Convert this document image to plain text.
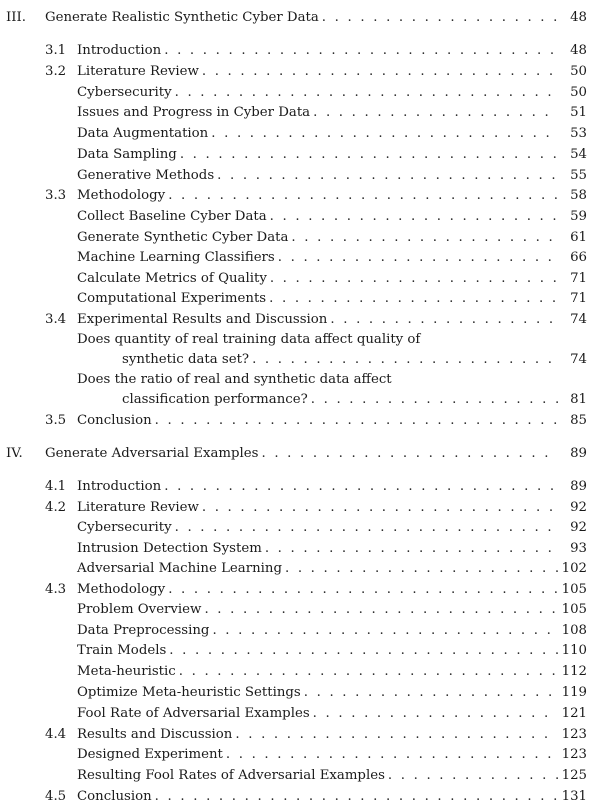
III. Generate Realistic Synthetic Cyber Data . . .	48
3.1 Introduction . . .	48
3.2 Literature Review . . .	50
Cybersecurity . . .	50
Issues and Progress in Cyber Data . . .	51
Data Augmentation . . .	53
Data Sampling . . .	54
Generative Methods . . .	55
3.3 Methodology . . .	58
Collect Baseline Cyber Data . . .	59
Generate Synthetic Cyber Data . . .	61
Machine Learning Classifiers . . .	66
Calculate Metrics of Quality . . .	71
Computational Experiments . . .	71
3.4 Experimental Results and Discussion . . .	74
Does quantity of real training data affect quality of
synthetic data set? . . .	74
Does the ratio of real and synthetic data affect
classification performance? . . .	81
3.5 Conclusion . . .	85
IV. Generate Adversarial Examples . . .	89
4.1 Introduction . . .	89
4.2 Literature Review . . .	92
Cybersecurity . . .	92
Intrusion Detection System . . .	93
Adversarial Machine Learning . . .	102
4.3 Methodology . . .	105
Problem Overview . . .	105
Data Preprocessing . . .	108
Train Models . . .	110
Meta-heuristic . . .	112
Optimize Meta-heuristic Settings . . .	119
Fool Rate of Adversarial Examples . . .	121
4.4 Results and Discussion . . .	123
Designed Experiment . . .	123
Resulting Fool Rates of Adversarial Examples . . .	125
4.5 Conclusion . . .	131
